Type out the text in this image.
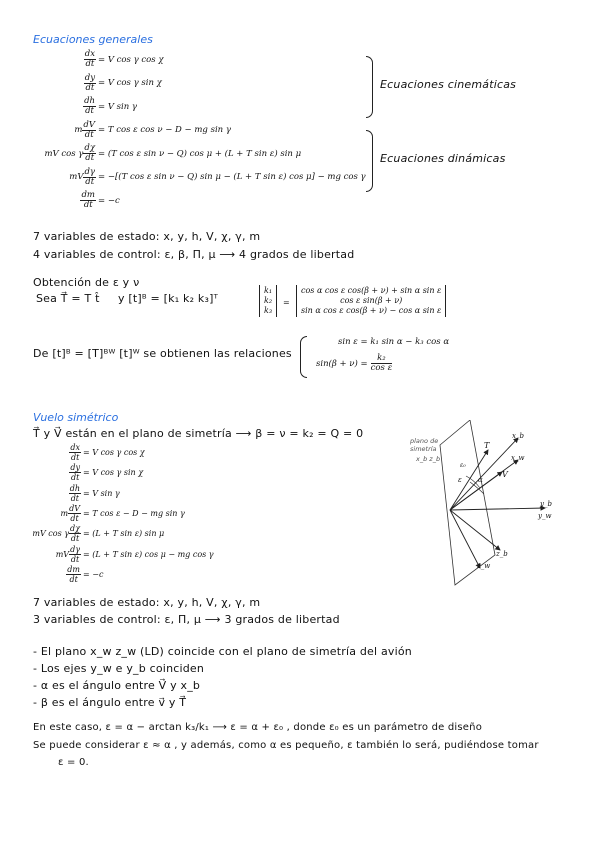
Ecuaciones generales
$\frac{dx}{dt} = V$ cos γ cos χ
$\frac{dy}{dt} = V$ cos γ sin χ
$\frac{dh}{dt} = V$ sin γ
m $\frac{dV}{dt} = T$ cos ε cos ν − D − mg sin γ
mV cos γ $\frac{d\chi}{dt} = (T$ cos ε sin ν − Q) cos μ + (L + T sin ε) sin μ
mV $\frac{d\gamma}{dt} = -[(T$ cos ε sin ν − Q) sin μ − (L + T sin ε) cos μ] − mg cos γ
$\frac{dm}{dt} = -c$
Ecuaciones cinemáticas
Ecuaciones dinámicas
7 variables de estado: x, y, h, V, χ, γ, m
4 variables de control: ε, β, Π, μ ⟶ 4 grados de libertad
Obtención de ε y ν
Sea T⃗ = T t̂ y [t]ᴮ = [k₁ k₂ k₃]ᵀ
k₁
k₂
k₃
=
cos α cos ε cos(β + ν) + sin α sin ε
cos ε sin(β + ν)
sin α cos ε cos(β + ν) − cos α sin ε
De [t]ᴮ = [T]ᴮᵂ [t]ᵂ se obtienen las relaciones
sin ε = k₁ sin α − k₃ cos α
$\sin(\beta + \nu) = \frac{\text{k₂}}{\text{cos ε}}$
Vuelo simétrico
T⃗ y V⃗ están en el plano de simetría ⟶ β = ν = k₂ = Q = 0
$\frac{dx}{dt} = V$ cos γ cos χ
$\frac{dy}{dt} = V$ cos γ sin χ
$\frac{dh}{dt} = V$ sin γ
m $\frac{dV}{dt} = T$ cos ε − D − mg sin γ
mV cos γ $\frac{d\chi}{dt} = (L + T$ sin ε) sin μ
mV $\frac{d\gamma}{dt} = (L + T$ sin ε) cos μ − mg cos γ
$\frac{dm}{dt} = -c$
7 variables de estado: x, y, h, V, χ, γ, m
3 variables de control: ε, Π, μ ⟶ 3 grados de libertad
- El plano x_w z_w (LD) coincide con el plano de simetría del avión
- Los ejes y_w e y_b coinciden
- α es el ángulo entre V⃗ y x_b
- β es el ángulo entre v⃗ y T⃗
En este caso, ε = α − arctan k₃/k₁ ⟶ ε = α + ε₀ , donde ε₀ es un parámetro de diseño
Se puede considerar ε ≈ α , y además, como α es pequeño, ε también lo será, pudiéndose tomar
ε = 0.
plano de simetría
x_b z_b
x_b
T
x_w
V
ε
ε₀
α
y_b
y_w
z_b
z_w
